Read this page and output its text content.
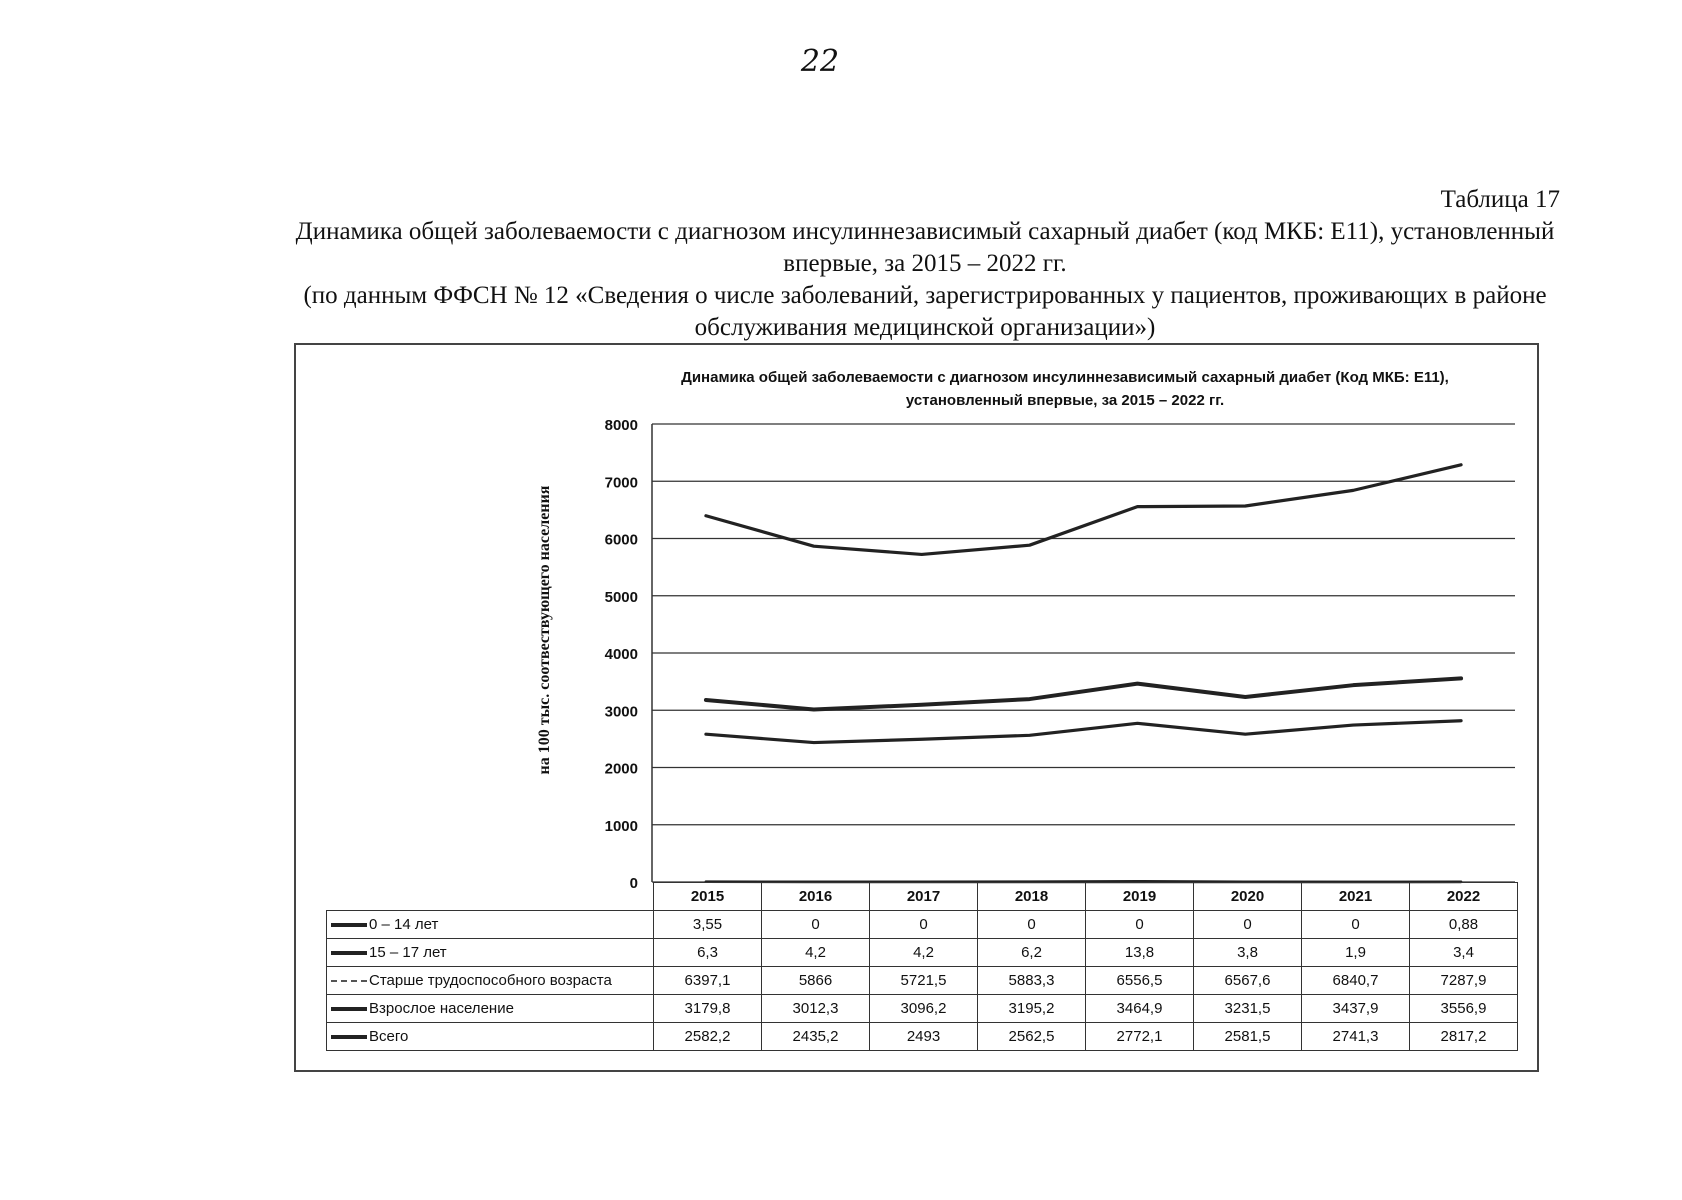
22
Таблица 17
Динамика общей заболеваемости с диагнозом инсулиннезависимый сахарный диабет (код МКБ: Е11), установленный впервые, за 2015 – 2022 гг.
(по данным ФФСН № 12 «Сведения о числе заболеваний, зарегистрированных у пациентов, проживающих в районе обслуживания медицинской организации»)
Динамика общей заболеваемости с диагнозом инсулиннезависимый сахарный диабет (Код МКБ: Е11), установленный впервые, за 2015 – 2022 гг.
на 100 тыс. соотвествующего населения
0
1000
2000
3000
4000
5000
6000
7000
8000
	2015	2016	2017	2018	2019	2020	2021	2022
0 – 14 лет	3,55	0	0	0	0	0	0	0,88
15 – 17 лет	6,3	4,2	4,2	6,2	13,8	3,8	1,9	3,4
Старше трудоспособного возраста	6397,1	5866	5721,5	5883,3	6556,5	6567,6	6840,7	7287,9
Взрослое население	3179,8	3012,3	3096,2	3195,2	3464,9	3231,5	3437,9	3556,9
Всего	2582,2	2435,2	2493	2562,5	2772,1	2581,5	2741,3	2817,2
